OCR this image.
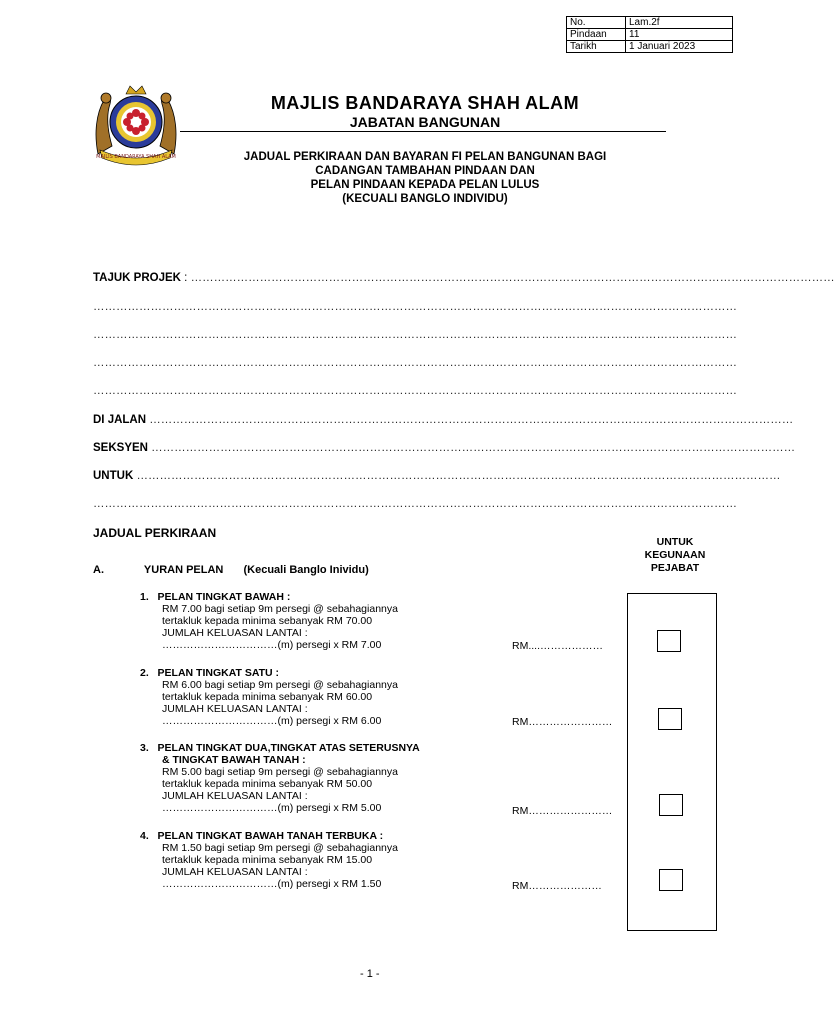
No.	Lam.2f
Pindaan	11
Tarikh	1 Januari 2023
MAJLIS BANDARAYA SHAH ALAM
MAJLIS BANDARAYA SHAH ALAM
JABATAN BANGUNAN
JADUAL PERKIRAAN DAN BAYARAN FI PELAN BANGUNAN BAGI
CADANGAN TAMBAHAN PINDAAN DAN
PELAN PINDAAN KEPADA PELAN LULUS
(KECUALI BANGLO INDIVIDU)
TAJUK PROJEK : ……………………………………………………………………………………………………………………………………………………
……………………………………………………………………………………………………………………………………………………
……………………………………………………………………………………………………………………………………………………
……………………………………………………………………………………………………………………………………………………
……………………………………………………………………………………………………………………………………………………
DI JALAN ……………………………………………………………………………………………………………………………………………………
SEKSYEN ……………………………………………………………………………………………………………………………………………………
UNTUK ……………………………………………………………………………………………………………………………………………………
……………………………………………………………………………………………………………………………………………………
JADUAL PERKIRAAN
UNTUK
KEGUNAAN
PEJABAT
A.	YURAN PELAN (Kecuali Banglo Inividu)
1. PELAN TINGKAT BAWAH :
RM 7.00 bagi setiap 9m persegi @ sebahagiannya
tertakluk kepada minima sebanyak RM 70.00
JUMLAH KELUASAN LANTAI :
……………………………(m) persegi x RM 7.00	RM....………………
2. PELAN TINGKAT SATU :
RM 6.00 bagi setiap 9m persegi @ sebahagiannya
tertakluk kepada minima sebanyak RM 60.00
JUMLAH KELUASAN LANTAI :
……………………………(m) persegi x RM 6.00	RM……………………
3. PELAN TINGKAT DUA,TINGKAT ATAS SETERUSNYA
& TINGKAT BAWAH TANAH :
RM 5.00 bagi setiap 9m persegi @ sebahagiannya
tertakluk kepada minima sebanyak RM 50.00
JUMLAH KELUASAN LANTAI :
……………………………(m) persegi x RM 5.00	RM……………………
4. PELAN TINGKAT BAWAH TANAH TERBUKA :
RM 1.50 bagi setiap 9m persegi @ sebahagiannya
tertakluk kepada minima sebanyak RM 15.00
JUMLAH KELUASAN LANTAI :
……………………………(m) persegi x RM 1.50	RM…………………
- 1 -
